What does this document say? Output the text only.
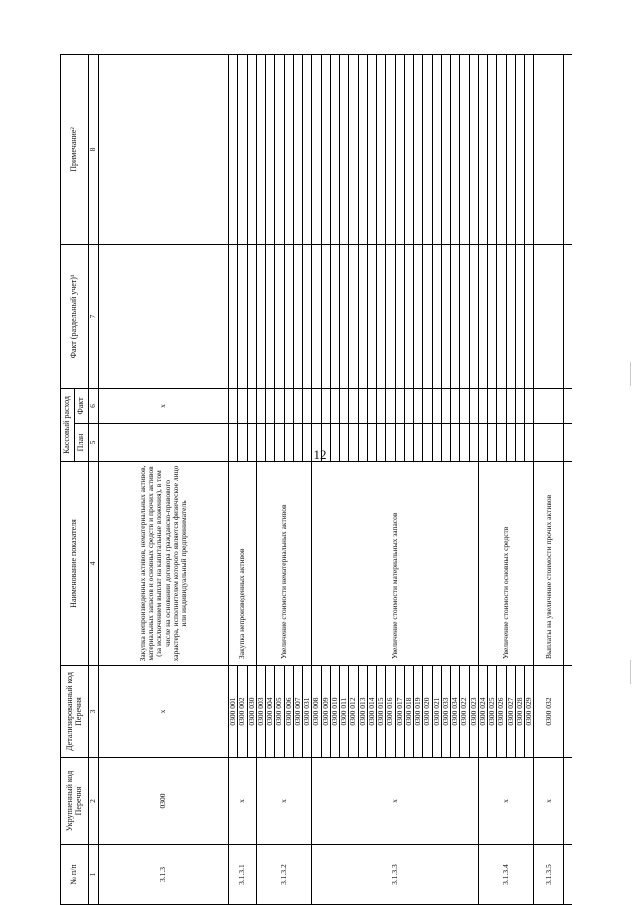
12
№ п/п	Укрупненный код Перечня	Детализированный код Перечня	Наименование показателя	Кассовый расход		Факт (раздельный учет)¹	Примечание²
				План	Факт		
1	2	3	4	5	6	7	8
3.1.3	0300	x	Закупка непроизведенных активов, нематериальных активов, материальных запасов и основных средств и прочих активов (за исключением выплат на капитальные вложения), в том числе на основании договора гражданско-правового характера, исполнителем которого является физическое лицо или индивидуальный предприниматель		x		
3.1.3.1	x	0300 001	Закупка непроизведенных активов				
		0300 002					
		0300 030					
3.1.3.2	x	0300 003	Увеличение стоимости нематериальных активов				
		0300 004					
		0300 005					
		0300 006					
		0300 007					
		0300 031					
3.1.3.3	x	0300 008	Увеличение стоимости материальных запасов				
		0300 009					
		0300 010					
		0300 011					
		0300 012					
		0300 013					
		0300 014					
		0300 015					
		0300 016					
		0300 017					
		0300 018					
		0300 019					
		0300 020					
		0300 021					
		0300 033					
		0300 034					
		0300 022					
		0300 023					
3.1.3.4	x	0300 024	Увеличение стоимости основных средств				
		0300 025					
		0300 026					
		0300 027					
		0300 028					
		0300 029					
3.1.3.5	x	0300 032	Выплаты на увеличение стоимости прочих активов				
